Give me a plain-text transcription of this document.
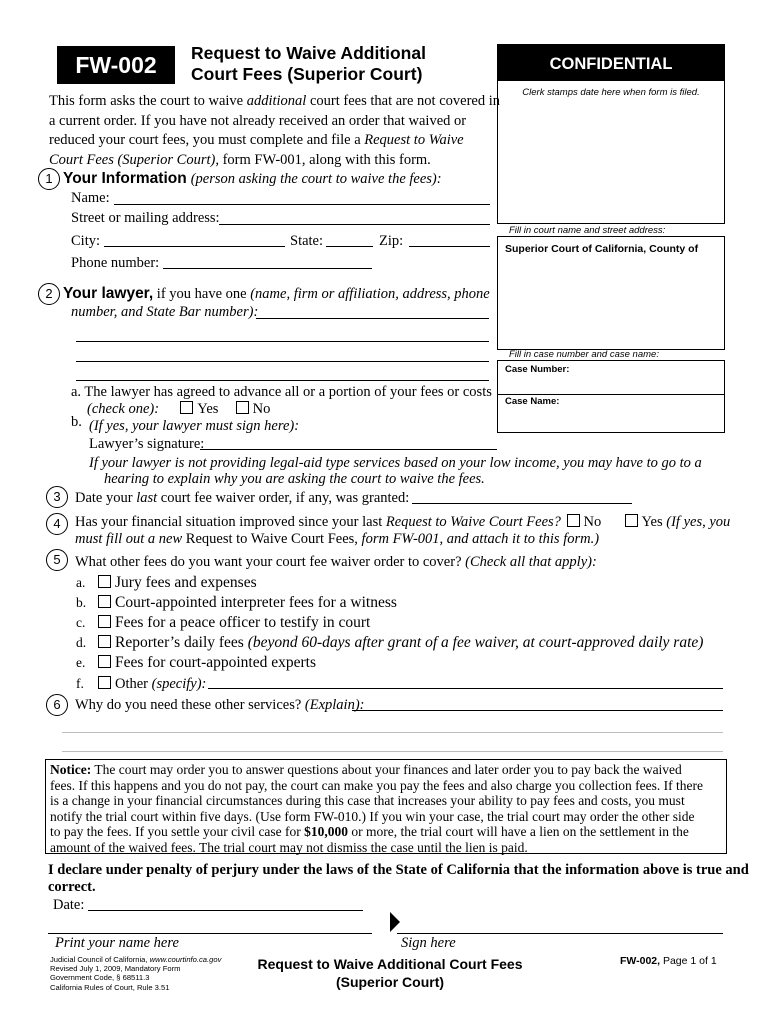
FW-002	Request to Waive Additional
Court Fees (Superior Court)	CONFIDENTIAL
Clerk stamps date here when form is filed.
Fill in court name and street address:
Superior Court of California, County of
Fill in case number and case name:
Case Number:
Case Name:
This form asks the court to waive additional court fees that are not covered in
a current order. If you have not already received an order that waived or
reduced your court fees, you must complete and file a Request to Waive
Court Fees (Superior Court), form FW-001, along with this form.
1 Your Information (person asking the court to waive the fees):
Name:
Street or mailing address:
City:	State:	Zip:
Phone number:
2 Your lawyer, if you have one (name, firm or affiliation, address, phone
number, and State Bar number):
a. The lawyer has agreed to advance all or a portion of your fees or costs
(check one):	Yes No
b. (If yes, your lawyer must sign here):
Lawyer’s signature:
If your lawyer is not providing legal-aid type services based on your low income, you may have to go to a
hearing to explain why you are asking the court to waive the fees.
3 Date your last court fee waiver order, if any, was granted:
4 Has your financial situation improved since your last Request to Waive Court Fees? No	Yes (If yes, you
must fill out a new Request to Waive Court Fees, form FW-001, and attach it to this form.)
5 What other fees do you want your court fee waiver order to cover? (Check all that apply):
a. Jury fees and expenses
b. Court-appointed interpreter fees for a witness
c. Fees for a peace officer to testify in court
d. Reporter’s daily fees (beyond 60-days after grant of a fee waiver, at court-approved daily rate)
e. Fees for court-appointed experts
f. Other (specify):
6 Why do you need these other services? (Explain):
Notice: The court may order you to answer questions about your finances and later order you to pay back the waived
fees. If this happens and you do not pay, the court can make you pay the fees and also charge you collection fees. If there
is a change in your financial circumstances during this case that increases your ability to pay fees and costs, you must
notify the trial court within five days. (Use form FW-010.) If you win your case, the trial court may order the other side
to pay the fees. If you settle your civil case for $10,000 or more, the trial court will have a lien on the settlement in the
amount of the waived fees. The trial court may not dismiss the case until the lien is paid.
I declare under penalty of perjury under the laws of the State of California that the information above is true and
correct.
Date:
Print your name here	Sign here
Judicial Council of California, www.courtinfo.ca.gov
Revised July 1, 2009, Mandatory Form
Government Code, § 68511.3
California Rules of Court, Rule 3.51
Request to Waive Additional Court Fees
(Superior Court)
FW-002, Page 1 of 1
